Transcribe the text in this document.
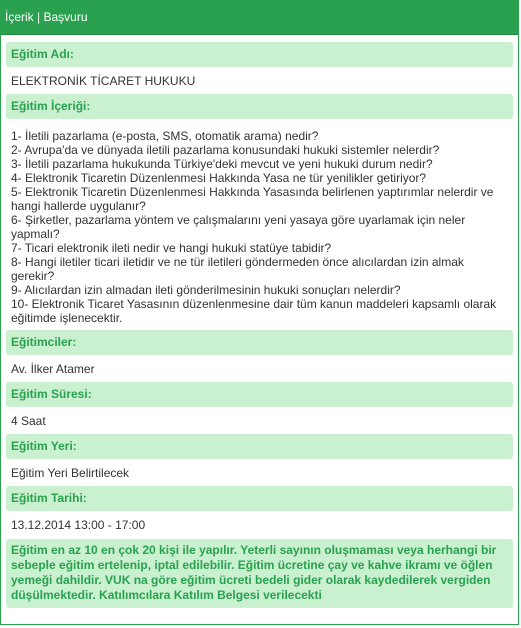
İçerik | Başvuru
Eğitim Adı:
ELEKTRONİK TİCARET HUKUKU
Eğitim İçeriği:
1- İletili pazarlama (e-posta, SMS, otomatik arama) nedir?
2- Avrupa'da ve dünyada iletili pazarlama konusundaki hukuki sistemler nelerdir?
3- İletili pazarlama hukukunda Türkiye'deki mevcut ve yeni hukuki durum nedir?
4- Elektronik Ticaretin Düzenlenmesi Hakkında Yasa ne tür yenilikler getiriyor?
5- Elektronik Ticaretin Düzenlenmesi Hakkında Yasasında belirlenen yaptırımlar nelerdir ve hangi hallerde uygulanır?
6- Şirketler, pazarlama yöntem ve çalışmalarını yeni yasaya göre uyarlamak için neler yapmalı?
7- Ticari elektronik ileti nedir ve hangi hukuki statüye tabidir?
8- Hangi iletiler ticari iletidir ve ne tür iletileri göndermeden önce alıcılardan izin almak gerekir?
9- Alıcılardan izin almadan ileti gönderilmesinin hukuki sonuçları nelerdir?
10- Elektronik Ticaret Yasasının düzenlenmesine dair tüm kanun maddeleri kapsamlı olarak eğitimde işlenecektir.
Eğitimciler:
Av. İlker Atamer
Eğitim Süresi:
4 Saat
Eğitim Yeri:
Eğitim Yeri Belirtilecek
Eğitim Tarihi:
13.12.2014 13:00 - 17:00
Eğitim en az 10 en çok 20 kişi ile yapılır. Yeterli sayının oluşmaması veya herhangi bir sebeple eğitim ertelenip, iptal edilebilir. Eğitim ücretine çay ve kahve ikramı ve öğlen yemeği dahildir. VUK na göre eğitim ücreti bedeli gider olarak kaydedilerek vergiden düşülmektedir. Katılımcılara Katılım Belgesi verilecekti
